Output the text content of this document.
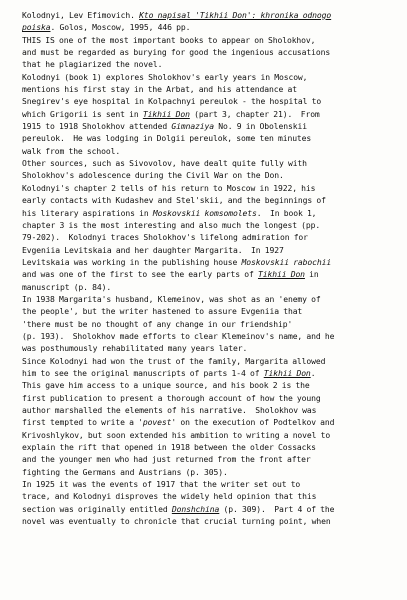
Kolodnyi, Lev Efimovich. Kto napisal 'Tikhii Don': khronika odnogo
poiska. Golos, Moscow, 1995, 446 pp.
THIS IS one of the most important books to appear on Sholokhov,
and must be regarded as burying for good the ingenious accusations
that he plagiarized the novel.
Kolodnyi (book 1) explores Sholokhov's early years in Moscow,
mentions his first stay in the Arbat, and his attendance at
Snegirev's eye hospital in Kolpachnyi pereulok - the hospital to
which Grigorii is sent in Tikhii Don (part 3, chapter 21).  From
1915 to 1918 Sholokhov attended Gimnaziya No. 9 in Obolenskii
pereulok.  He was lodging in Dolgii pereulok, some ten minutes
walk from the school.
Other sources, such as Sivovolov, have dealt quite fully with
Sholokhov's adolescence during the Civil War on the Don.
Kolodnyi's chapter 2 tells of his return to Moscow in 1922, his
early contacts with Kudashev and Stel'skii, and the beginnings of
his literary aspirations in Moskovskii komsomolets.  In book 1,
chapter 3 is the most interesting and also much the longest (pp.
79-202).  Kolodnyi traces Sholokhov's lifelong admiration for
Evgeniia Levitskaia and her daughter Margarita.  In 1927
Levitskaia was working in the publishing house Moskovskii rabochii
and was one of the first to see the early parts of Tikhii Don in
manuscript (p. 84).
In 1938 Margarita's husband, Klemeinov, was shot as an 'enemy of
the people', but the writer hastened to assure Evgeniia that
'there must be no thought of any change in our friendship'
(p. 193).  Sholokhov made efforts to clear Klemeinov's name, and he
was posthumously rehabilitated many years later.
Since Kolodnyi had won the trust of the family, Margarita allowed
him to see the original manuscripts of parts 1-4 of Tikhii Don.
This gave him access to a unique source, and his book 2 is the
first publication to present a thorough account of how the young
author marshalled the elements of his narrative.  Sholokhov was
first tempted to write a 'povest' on the execution of Podtelkov and
Krivoshlykov, but soon extended his ambition to writing a novel to
explain the rift that opened in 1918 between the older Cossacks
and the younger men who had just returned from the front after
fighting the Germans and Austrians (p. 305).
In 1925 it was the events of 1917 that the writer set out to
trace, and Kolodnyi disproves the widely held opinion that this
section was originally entitled Donshchina (p. 309).  Part 4 of the
novel was eventually to chronicle that crucial turning point, when
